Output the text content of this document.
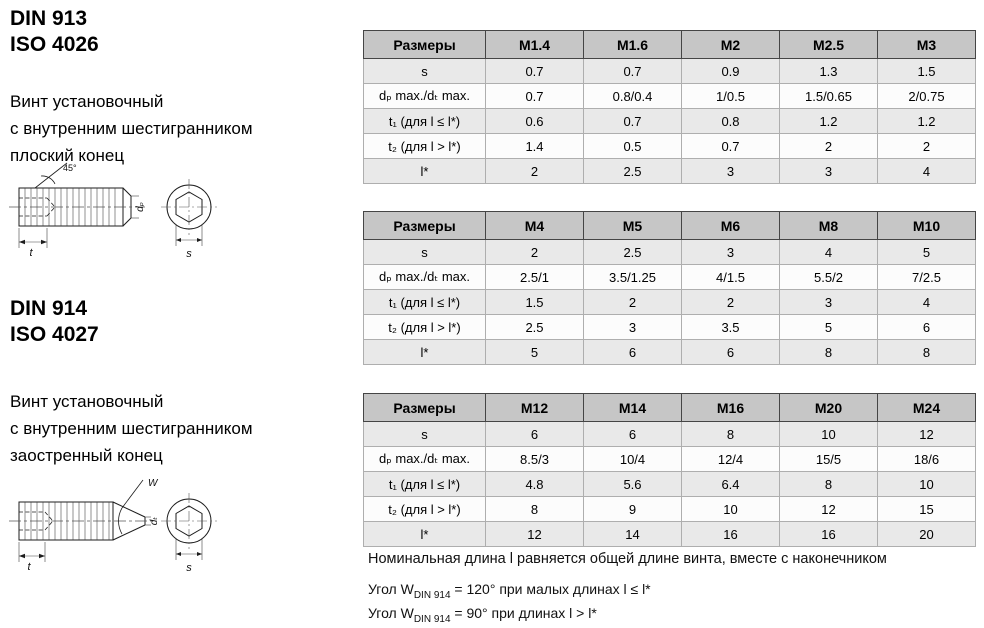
DIN 913
ISO 4026
Винт установочный
с внутренним шестигранником
плоский конец
t
45°
dₚ
s
DIN 914
ISO 4027
Винт установочный
с внутренним шестигранником
заостренный конец
t
W
dₜ
s
Размеры	M1.4	M1.6	M2	M2.5	M3
s	0.7	0.7	0.9	1.3	1.5
dₚ max./dₜ max.	0.7	0.8/0.4	1/0.5	1.5/0.65	2/0.75
t₁ (для l ≤ l*)	0.6	0.7	0.8	1.2	1.2
t₂ (для l > l*)	1.4	0.5	0.7	2	2
l*	2	2.5	3	3	4
Размеры	M4	M5	M6	M8	M10
s	2	2.5	3	4	5
dₚ max./dₜ max.	2.5/1	3.5/1.25	4/1.5	5.5/2	7/2.5
t₁ (для l ≤ l*)	1.5	2	2	3	4
t₂ (для l > l*)	2.5	3	3.5	5	6
l*	5	6	6	8	8
Размеры	M12	M14	M16	M20	M24
s	6	6	8	10	12
dₚ max./dₜ max.	8.5/3	10/4	12/4	15/5	18/6
t₁ (для l ≤ l*)	4.8	5.6	6.4	8	10
t₂ (для l > l*)	8	9	10	12	15
l*	12	14	16	16	20
Номинальная длина l равняется общей длине винта, вместе с наконечником
Угол $W_{DIN 914} = 120^\circ$ при малых длинах l ≤ l*
Угол $W_{DIN 914} = 90^\circ$ при длинах l > l*
